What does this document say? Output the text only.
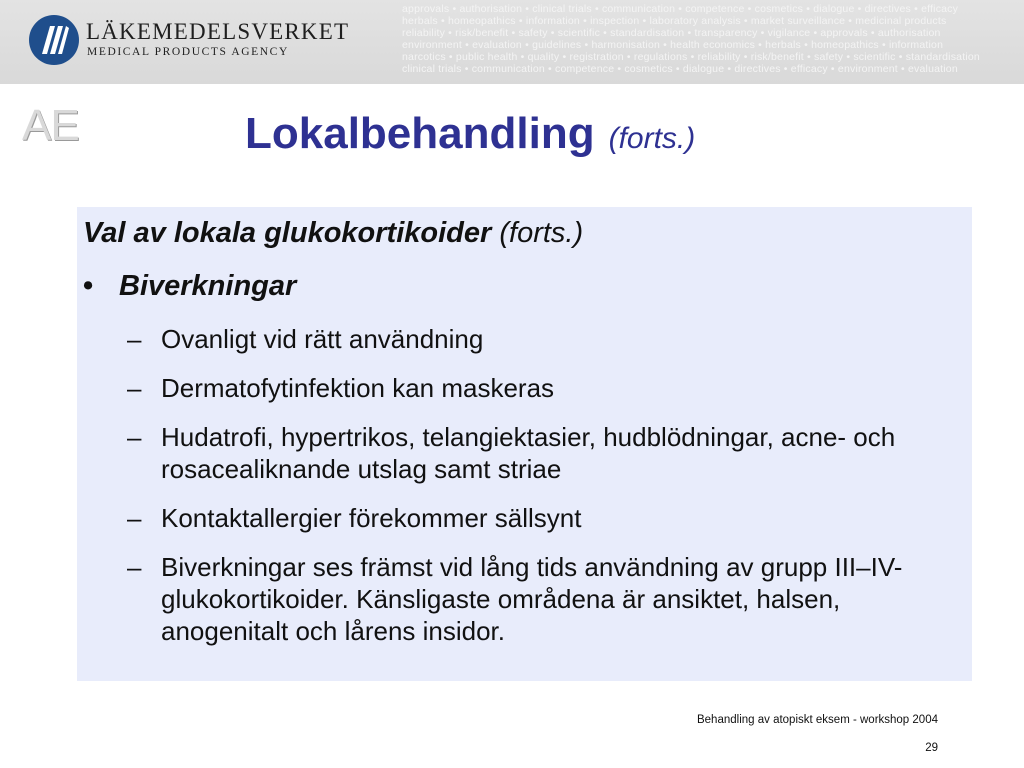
LÄKEMEDELSVERKET
MEDICAL PRODUCTS AGENCY
approvals • authorisation • clinical trials • communication • competence • cosmetics • dialogue • directives • efficacy
herbals • homeopathics • information • inspection • laboratory analysis • market surveillance • medicinal products
reliability • risk/benefit • safety • scientific • standardisation • transparency • vigilance • approvals • authorisation
environment • evaluation • guidelines • harmonisation • health economics • herbals • homeopathics • information
narcotics • public health • quality • registration • regulations • reliability • risk/benefit • safety • scientific • standardisation
clinical trials • communication • competence • cosmetics • dialogue • directives • efficacy • environment • evaluation
AE	Lokalbehandling (forts.)
Val av lokala glukokortikoider (forts.)
• Biverkningar
– Ovanligt vid rätt användning
– Dermatofytinfektion kan maskeras
– Hudatrofi, hypertrikos, telangiektasier, hudblödningar, acne- och rosacealiknande utslag samt striae
– Kontaktallergier förekommer sällsynt
– Biverkningar ses främst vid lång tids användning av grupp III–IV-glukokortikoider. Känsligaste områdena är ansiktet, halsen, anogenitalt och lårens insidor.
Behandling av atopiskt eksem - workshop 2004
29
